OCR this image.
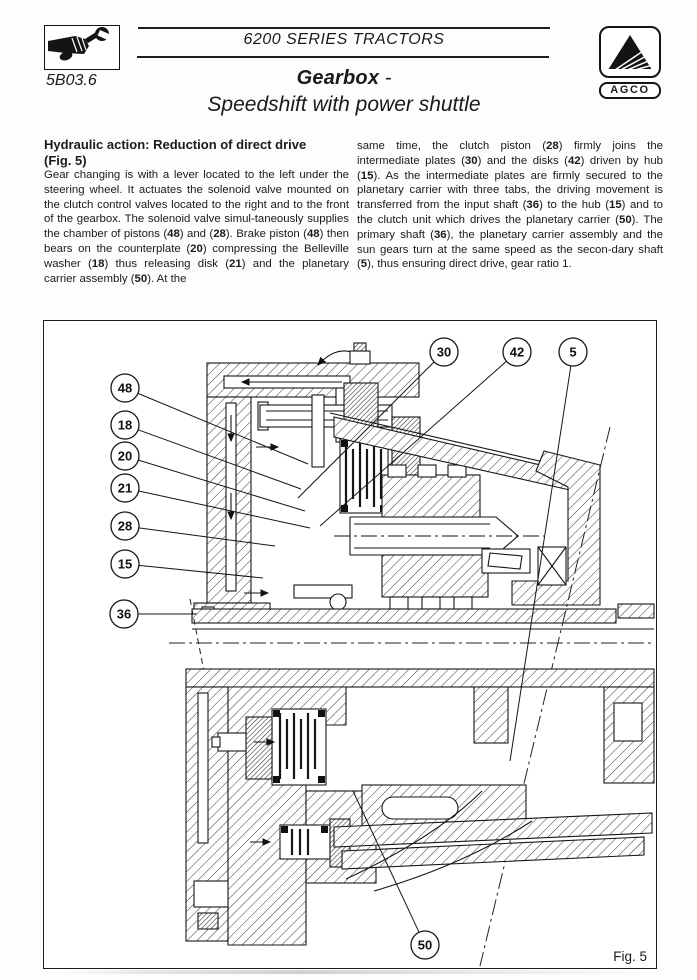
5B03.6
6200 SERIES TRACTORS
Gearbox -
Speedshift with power shuttle
AGCO

Hydraulic action: Reduction of direct drive
(Fig. 5)

Gear changing is with a lever located to the left under the steering wheel. It actuates the solenoid valve mounted on the clutch control valves located to the right and to the front of the gearbox. The solenoid valve simul-taneously supplies the chamber of pistons (48) and (28). Brake piston (48) then bears on the counterplate (20) compressing the Belleville washer (18) thus releasing disk (21) and the planetary carrier assembly (50). At the

same time, the clutch piston (28) firmly joins the intermediate plates (30) and the disks (42) driven by hub (15). As the intermediate plates are firmly secured to the planetary carrier with three tabs, the driving movement is transferred from the input shaft (36) to the hub (15) and to the clutch unit which drives the planetary carrier (50). The primary shaft (36), the planetary carrier assembly and the sun gears turn at the same speed as the secon-dary shaft (5), thus ensuring direct drive, gear ratio 1.

48
18
20
21
28
15
36
30	42	5
50
Fig. 5
